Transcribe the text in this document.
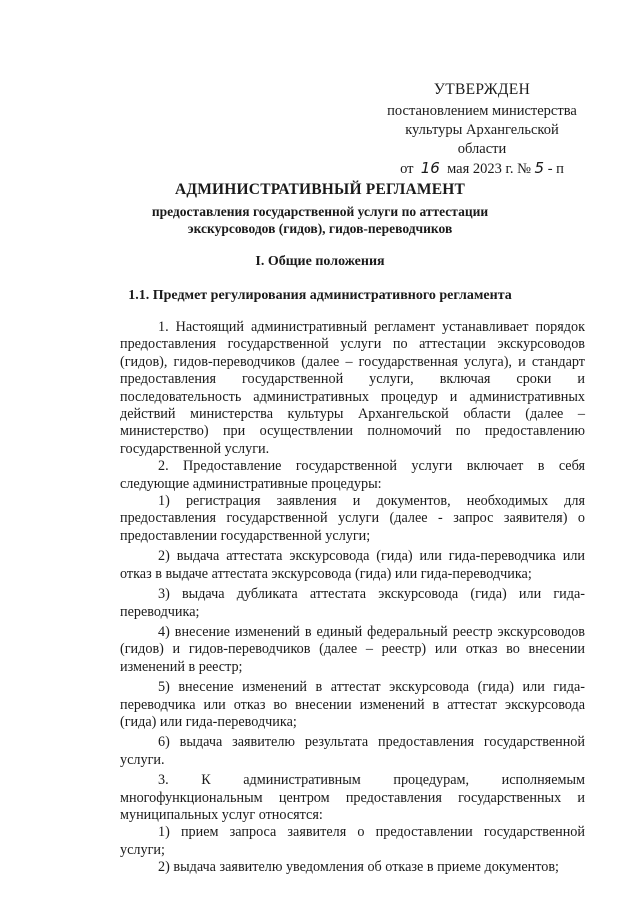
УТВЕРЖДЕН
постановлением министерства
культуры Архангельской области
от 16 мая 2023 г. № 5 - п
АДМИНИСТРАТИВНЫЙ РЕГЛАМЕНТ
предоставления государственной услуги по аттестации
экскурсоводов (гидов), гидов-переводчиков
I. Общие положения
1.1. Предмет регулирования административного регламента

1. Настоящий административный регламент устанавливает порядок предоставления государственной услуги по аттестации экскурсоводов (гидов), гидов-переводчиков (далее – государственная услуга), и стандарт предоставления государственной услуги, включая сроки и последовательность административных процедур и административных действий министерства культуры Архангельской области (далее – министерство) при осуществлении полномочий по предоставлению государственной услуги.

2. Предоставление государственной услуги включает в себя следующие административные процедуры:

1) регистрация заявления и документов, необходимых для предоставления государственной услуги (далее - запрос заявителя) о предоставлении государственной услуги;

2) выдача аттестата экскурсовода (гида) или гида-переводчика или отказ в выдаче аттестата экскурсовода (гида) или гида-переводчика;

3) выдача дубликата аттестата экскурсовода (гида) или гида-переводчика;

4) внесение изменений в единый федеральный реестр экскурсоводов (гидов) и гидов-переводчиков (далее – реестр) или отказ во внесении изменений в реестр;

5) внесение изменений в аттестат экскурсовода (гида) или гида-переводчика или отказ во внесении изменений в аттестат экскурсовода (гида) или гида-переводчика;

6) выдача заявителю результата предоставления государственной услуги.

3. К административным процедурам, исполняемым многофункциональным центром предоставления государственных и муниципальных услуг относятся:

1) прием запроса заявителя о предоставлении государственной услуги;

2) выдача заявителю уведомления об отказе в приеме документов;
